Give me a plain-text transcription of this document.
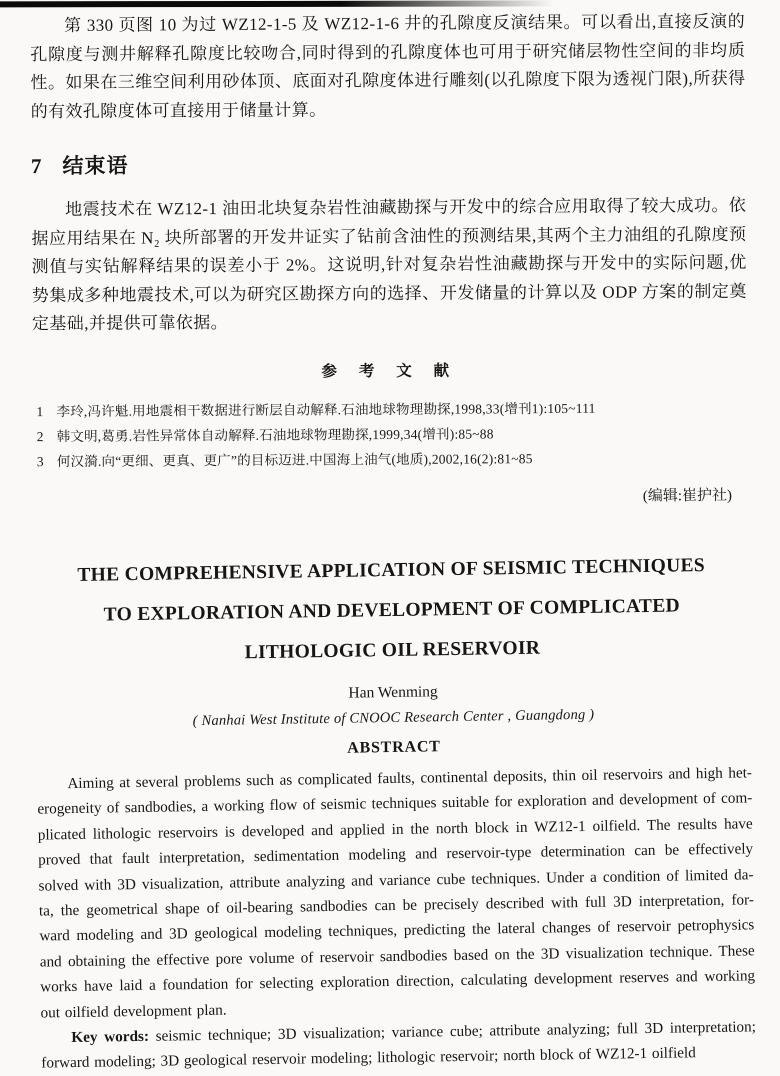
第 330 页图 10 为过 WZ12-1-5 及 WZ12-1-6 井的孔隙度反演结果。可以看出,直接反演的孔隙度与测井解释孔隙度比较吻合,同时得到的孔隙度体也可用于研究储层物性空间的非均质性。如果在三维空间利用砂体顶、底面对孔隙度体进行雕刻(以孔隙度下限为透视门限),所获得的有效孔隙度体可直接用于储量计算。

7 结束语

地震技术在 WZ12-1 油田北块复杂岩性油藏勘探与开发中的综合应用取得了较大成功。依据应用结果在 N₂ 块所部署的开发井证实了钻前含油性的预测结果,其两个主力油组的孔隙度预测值与实钻解释结果的误差小于 2%。这说明,针对复杂岩性油藏勘探与开发中的实际问题,优势集成多种地震技术,可以为研究区勘探方向的选择、开发储量的计算以及 ODP 方案的制定奠定基础,并提供可靠依据。

参 考 文 献
1 李玲,冯许魁.用地震相干数据进行断层自动解释.石油地球物理勘探,1998,33(增刊1):105~111
2 韩文明,葛勇.岩性异常体自动解释.石油地球物理勘探,1999,34(增刊):85~88
3 何汉漪.向“更细、更真、更广”的目标迈进.中国海上油气(地质),2002,16(2):81~85
(编辑:崔护社)
THE COMPREHENSIVE APPLICATION OF SEISMIC TECHNIQUES
TO EXPLORATION AND DEVELOPMENT OF COMPLICATED
LITHOLOGIC OIL RESERVOIR
Han Wenming
( Nanhai West Institute of CNOOC Research Center , Guangdong )
ABSTRACT
Aiming at several problems such as complicated faults, continental deposits, thin oil reservoirs and high het-
erogeneity of sandbodies, a working flow of seismic techniques suitable for exploration and development of com-
plicated lithologic reservoirs is developed and applied in the north block in WZ12-1 oilfield. The results have
proved that fault interpretation, sedimentation modeling and reservoir-type determination can be effectively
solved with 3D visualization, attribute analyzing and variance cube techniques. Under a condition of limited da-
ta, the geometrical shape of oil-bearing sandbodies can be precisely described with full 3D interpretation, for-
ward modeling and 3D geological modeling techniques, predicting the lateral changes of reservoir petrophysics
and obtaining the effective pore volume of reservoir sandbodies based on the 3D visualization technique. These
works have laid a foundation for selecting exploration direction, calculating development reserves and working
out oilfield development plan.

Key words: seismic technique; 3D visualization; variance cube; attribute analyzing; full 3D interpretation; forward modeling; 3D geological reservoir modeling; lithologic reservoir; north block of WZ12-1 oilfield
